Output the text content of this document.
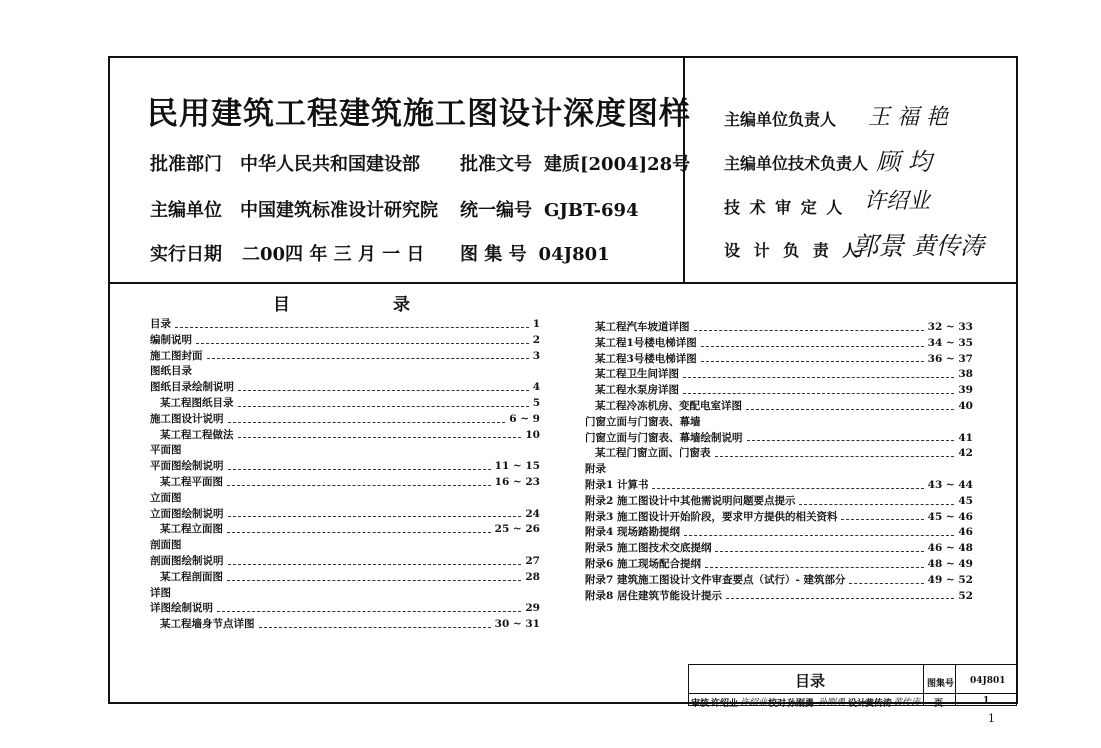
民用建筑工程建筑施工图设计深度图样
批准部门 中华人民共和国建设部 批准文号 建质[2004]28号
主编单位 中国建筑标准设计研究院 统一编号 GJBT-694
实行日期 二00四 年 三 月 一 日 图 集 号 04J801
主编单位负责人 王 福 艳
主编单位技术负责人 顾 均
技 术 审 定 人 许绍业
设 计 负 责 人
郭景 黄传涛
目	录
目录	1
编制说明	2
施工图封面	3
图纸目录
图纸目录绘制说明	4
某工程图纸目录	5
施工图设计说明	6 ~ 9
某工程工程做法	10
平面图
平面图绘制说明	11 ~ 15
某工程平面图	16 ~ 23
立面图
立面图绘制说明	24
某工程立面图	25 ~ 26
剖面图
剖面图绘制说明	27
某工程剖面图	28
详图
详图绘制说明	29
某工程墙身节点详图	30 ~ 31
某工程汽车坡道详图	32 ~ 33
某工程1号楼电梯详图	34 ~ 35
某工程3号楼电梯详图	36 ~ 37
某工程卫生间详图	38
某工程水泵房详图	39
某工程冷冻机房、变配电室详图	40
门窗立面与门窗表、幕墙
门窗立面与门窗表、幕墙绘制说明	41
某工程门窗立面、门窗表	42
附录
附录1 计算书	43 ~ 44
附录2 施工图设计中其他需说明问题要点提示	45
附录3 施工图设计开始阶段，要求甲方提供的相关资料	45 ~ 46
附录4 现场踏勘提纲	46
附录5 施工图技术交底提纲	46 ~ 48
附录6 施工现场配合提纲	48 ~ 49
附录7 建筑施工图设计文件审查要点（试行）- 建筑部分	49 ~ 52
附录8 居住建筑节能设计提示	52
目录	图集号 04J801
审核 许绍业 许绍业 校对 孙刚勇 孙刚勇 设计
黄传涛 黄传涛 页	1
1
